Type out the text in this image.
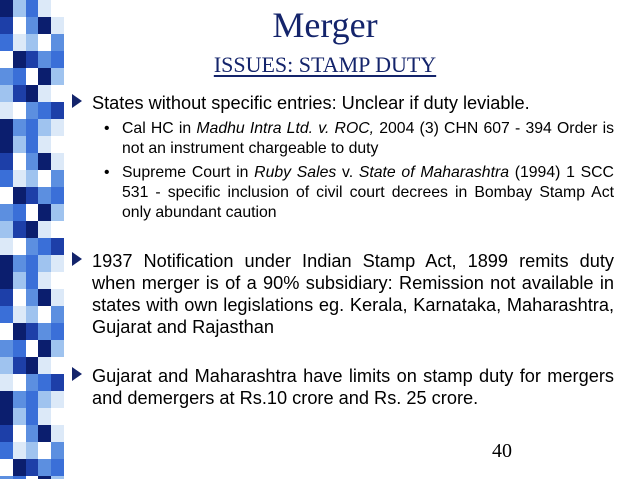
Merger
ISSUES: STAMP DUTY
States without specific entries: Unclear if duty leviable.
• Cal HC in Madhu Intra Ltd. v. ROC, 2004 (3) CHN 607 - 394 Order is not an instrument chargeable to duty
• Supreme Court in Ruby Sales v. State of Maharashtra (1994) 1 SCC 531 - specific inclusion of civil court decrees in Bombay Stamp Act only abundant caution
1937 Notification under Indian Stamp Act, 1899 remits duty when merger is of a 90% subsidiary: Remission not available in states with own legislations eg. Kerala, Karnataka, Maharashtra, Gujarat and Rajasthan
Gujarat and Maharashtra have limits on stamp duty for mergers and demergers at Rs.10 crore and Rs. 25 crore.
40
